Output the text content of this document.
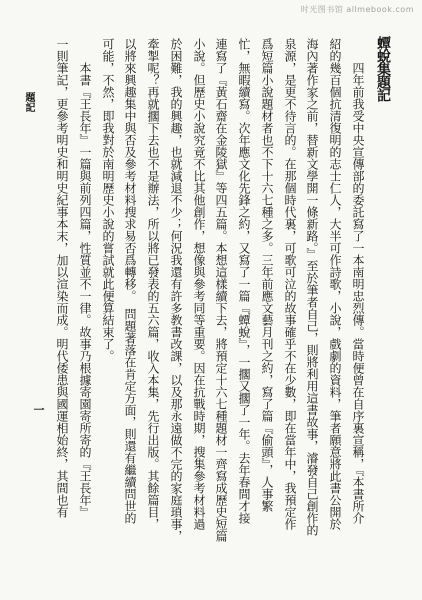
时光图书馆 allmebook.com
蟫蛻集題記
四年前我受中央宣傳部的委託寫了一本南明忠烈傳。當時便曾在自序裏宣稱，『本書所介
紹的幾百個抗清復明的志士仁人，大半可作詩歌，小說，戲劇的資料，筆者願意將此書公開於
海內著作家之前，替新文學開一條新路。』至於筆者自己，則將利用這書故事，濬發自己創作的
泉源，是更不待言的。在那個時代裏，可歌可泣的故事確乎不在少數，即在當年中，我預定作
爲短篇小說題材者也不下十六七種之多。三年前應文藝月刊之約，寫了篇『偷頭』，人事繁
忙，無暇續寫。次年應文化先鋒之約，又寫了一篇『蟫蛻』，一擱又擱了一年。去年春間才接
連寫了『黃石齋在金陵獄』等四五篇。本想這樣續下去，將預定十六七種題材一齊寫成歷史短篇
小說。但歷史小說究竟不比其他創作，想像與參考同等重要。因在抗戰時期，搜集參考材料過
於困難，我的興趣，也就減退不少；何況我還有許多教書改課，以及那永遠做不完的家庭瑣事，
牽掣呢？再就擱下去也不是辦法，所以將已發表的五六篇，收入本集，先行出版。其餘篇目，
以將來興趣集中與否及參考材料搜求易否爲轉移。　問題著落在肯定方面，則還有繼續問世的
可能，不然，即我對於南明歷史小說的嘗試就此便算結束了。
本書『王長年』一篇與前列四篇，性質並不一律。故事乃根據寄園寄所寄的『王長年』
一則筆記，更參考明史和明史紀事本末，加以渲染而成。明代倭患與國運相始終，其間也有
題記
一
